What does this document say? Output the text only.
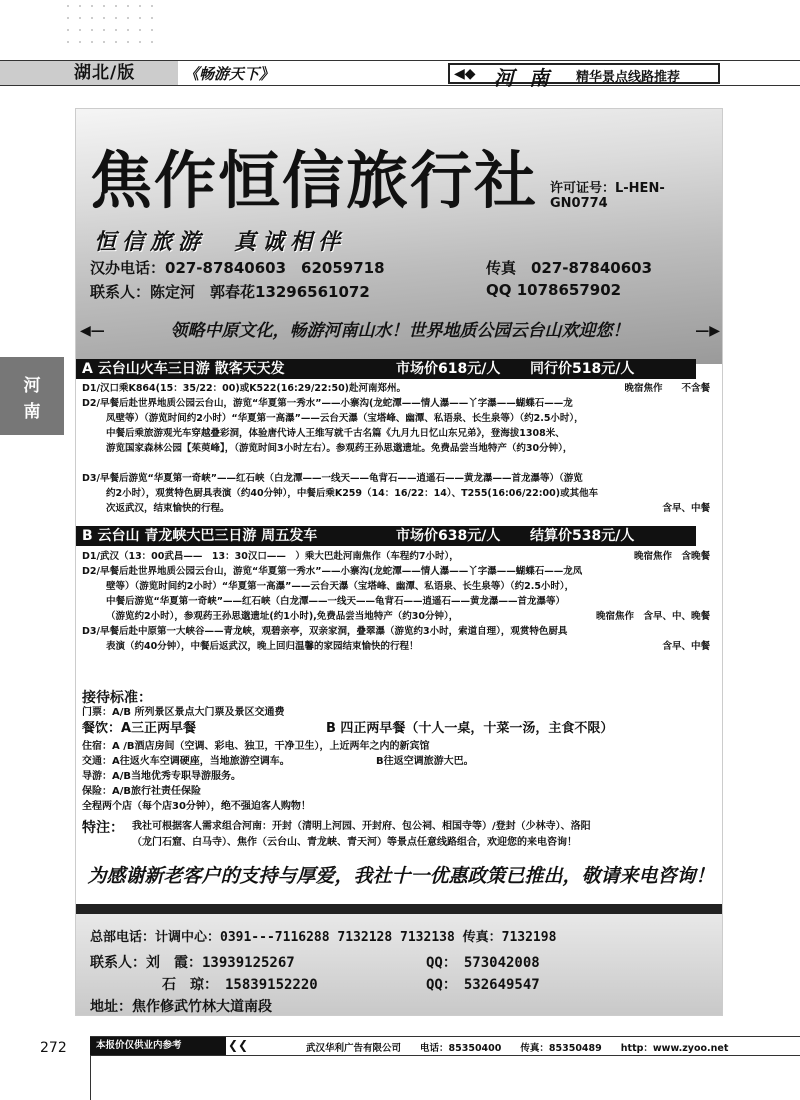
湖北/版	《畅游天下》	◀◆ 河 南 精华景点线路推荐
河
南
焦作恒信旅行社 许可证号：L-HEN-GN0774
恒信旅游　真诚相伴
汉办电话：027-87840603　62059718	传真　027-87840603
联系人：陈定河　郭春花13296561072	QQ 1078657902
◀—	领略中原文化，畅游河南山水！世界地质公园云台山欢迎您！	—▶
A 云台山火车三日游 散客天天发	市场价618元/人 同行价518元/人
D1/汉口乘K864(15：35/22：00)或K522(16:29/22:50)赴河南郑州。	晚宿焦作　　不含餐
D2/早餐后赴世界地质公园云台山，游览“华夏第一秀水”——小寨沟(龙蛇潭——情人瀑——丫字瀑——蝴蝶石——龙
凤壁等）（游览时间约2小时）“华夏第一高瀑”——云台天瀑（宝塔峰、幽潭、私语泉、长生泉等）（约2.5小时），
中餐后乘旅游观光车穿越叠彩洞，体验唐代诗人王维写就千古名篇《九月九日忆山东兄弟》，登海拔1308米、
游览国家森林公园【茱萸峰】，（游览时间3小时左右）。参观药王孙思邈遗址。免费品尝当地特产（约30分钟），
D3/早餐后游览“华夏第一奇峡”——红石峡（白龙潭——一线天——龟背石——逍遥石——黄龙瀑——首龙瀑等）（游览
约2小时），观赏特色厨具表演（约40分钟），中餐后乘K259（14：16/22：14）、T255(16:06/22:00)或其他车
次返武汉，结束愉快的行程。	含早、中餐
B 云台山 青龙峡大巴三日游 周五发车	市场价638元/人 结算价538元/人
D1/武汉（13：00武昌——　13：30汉口——　）乘大巴赴河南焦作（车程约7小时），	晚宿焦作　含晚餐
D2/早餐后赴世界地质公园云台山，游览“华夏第一秀水”——小寨沟(龙蛇潭——情人瀑——丫字瀑——蝴蝶石——龙凤
壁等）（游览时间约2小时）“华夏第一高瀑”——云台天瀑（宝塔峰、幽潭、私语泉、长生泉等）（约2.5小时），
中餐后游览“华夏第一奇峡”——红石峡（白龙潭——一线天——龟背石——逍遥石——黄龙瀑——首龙瀑等）
（游览约2小时），参观药王孙思邈遗址(约1小时),免费品尝当地特产（约30分钟），	晚宿焦作　含早、中、晚餐
D3/早餐后赴中原第一大峡谷——青龙峡，观碧亲亭，双亲家洞，叠翠瀑（游览约3小时，索道自理），观赏特色厨具
表演（约40分钟），中餐后返武汉，晚上回归温馨的家园结束愉快的行程！	含早、中餐
接待标准：
门票：A/B 所列景区景点大门票及景区交通费
餐饮：A三正两早餐	B 四正两早餐（十人一桌，十菜一汤，主食不限）
住宿：A /B酒店房间（空调、彩电、独卫，干净卫生），上近两年之内的新宾馆
交通：A往返火车空调硬座，当地旅游空调车。	B往返空调旅游大巴。
导游：A/B当地优秀专职导游服务。
保险：A/B旅行社责任保险
全程两个店（每个店30分钟），绝不强迫客人购物！
特注： 我社可根据客人需求组合河南：开封（清明上河园、开封府、包公祠、相国寺等）/登封（少林寺）、洛阳
（龙门石窟、白马寺）、焦作（云台山、青龙峡、青天河）等景点任意线路组合，欢迎您的来电咨询！
为感谢新老客户的支持与厚爱，我社十一优惠政策已推出，敬请来电咨询！
总部电话：计调中心：0391---7116288 7132128 7132138 传真：7132198
联系人：刘　霞：13939125267	QQ：　573042008
石　琼：　15839152220	QQ：　532649547
地址：焦作修武竹林大道南段
272	本报价仅供业内参考	❮❮	武汉华利广告有限公司　　电话：85350400　　传真：85350489　　http：www.zyoo.net
